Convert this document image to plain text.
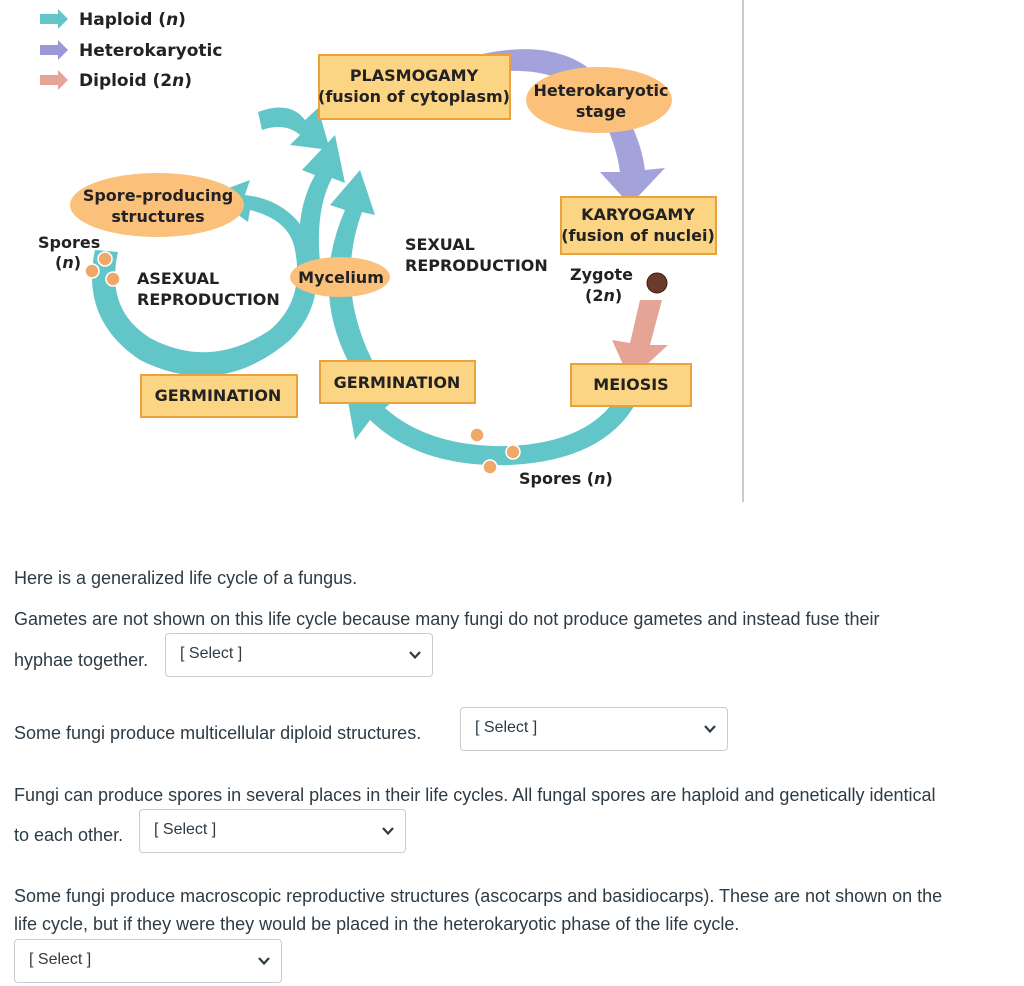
Haploid (n)
Heterokaryotic
Diploid (2n)	PLASMOGAMY
(fusion of cytoplasm)
KARYOGAMY
(fusion of nuclei)
MEIOSIS
GERMINATION
GERMINATION
Heterokaryotic
stage
Spore-producing
structures
Mycelium
Spores
(n)
SEXUAL
REPRODUCTION
ASEXUAL
REPRODUCTION
Zygote
(2n)
Spores (n)

Here is a generalized life cycle of a fungus.

Gametes are not shown on this life cycle because many fungi do not produce gametes and instead fuse their

hyphae together. [ Select ]

Some fungi produce multicellular diploid structures.	[ Select ]

Fungi can produce spores in several places in their life cycles. All fungal spores are haploid and genetically identical

to each other. [ Select ]

Some fungi produce macroscopic reproductive structures (ascocarps and basidiocarps). These are not shown on the

life cycle, but if they were they would be placed in the heterokaryotic phase of the life cycle.

[ Select ]
